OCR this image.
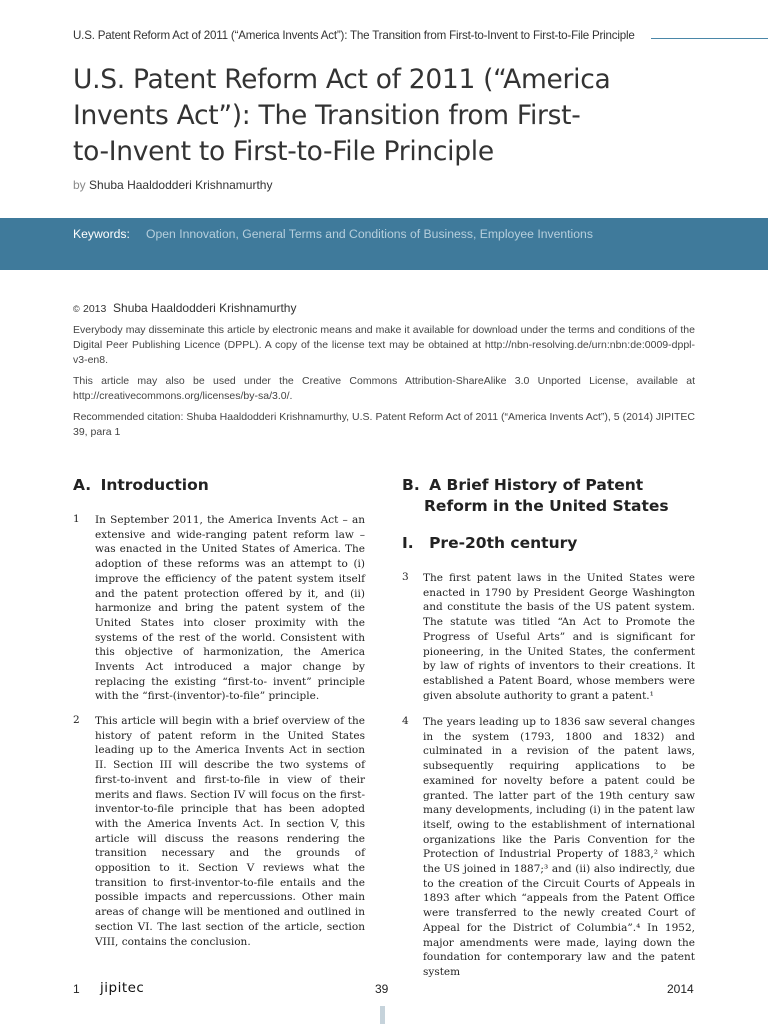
U.S. Patent Reform Act of 2011 (“America Invents Act”): The Transition from First-to-Invent to First-to-File Principle
U.S. Patent Reform Act of 2011 (“America
Invents Act”): The Transition from First-
to-Invent to First-to-File Principle
by Shuba Haaldodderi Krishnamurthy
Keywords: Open Innovation, General Terms and Conditions of Business, Employee Inventions
© 2013 Shuba Haaldodderi Krishnamurthy

Everybody may disseminate this article by electronic means and make it available for download under the terms and conditions of the Digital Peer Publishing Licence (DPPL). A copy of the license text may be obtained at http://nbn-resolving.de/urn:nbn:de:0009-dppl-v3-en8.

This article may also be used under the Creative Commons Attribution-ShareAlike 3.0 Unported License, available at http://creativecommons.org/licenses/by-sa/3.0/.

Recommended citation: Shuba Haaldodderi Krishnamurthy, U.S. Patent Reform Act of 2011 (“America Invents Act”), 5 (2014) JIPITEC 39, para 1

A. Introduction
1 In September 2011, the America Invents Act – an extensive and wide-ranging patent reform law – was enacted in the United States of America. The adoption of these reforms was an attempt to (i) improve the efficiency of the patent system itself and the patent protection offered by it, and (ii) harmonize and bring the patent system of the United States into closer proximity with the systems of the rest of the world. Consistent with this objective of harmonization, the America Invents Act introduced a major change by replacing the existing “first-to- invent” principle with the “first-(inventor)-to-file” principle.

2 This article will begin with a brief overview of the history of patent reform in the United States leading up to the America Invents Act in section II. Section III will describe the two systems of first-to-invent and first-to-file in view of their merits and flaws. Section IV will focus on the first-inventor-to-file principle that has been adopted with the America Invents Act. In section V, this article will discuss the reasons rendering the transition necessary and the grounds of opposition to it. Section V reviews what the transition to first-inventor-to-file entails and the possible impacts and repercussions. Other main areas of change will be mentioned and outlined in section VI. The last section of the article, section VIII, contains the conclusion.

B. A Brief History of Patent
Reform in the United States
I. Pre-20th century
3 The first patent laws in the United States were enacted in 1790 by President George Washington and constitute the basis of the US patent system. The statute was titled “An Act to Promote the Progress of Useful Arts” and is significant for pioneering, in the United States, the conferment by law of rights of inventors to their creations. It established a Patent Board, whose members were given absolute authority to grant a patent.¹

4 The years leading up to 1836 saw several changes in the system (1793, 1800 and 1832) and culminated in a revision of the patent laws, subsequently requiring applications to be examined for novelty before a patent could be granted. The latter part of the 19th century saw many developments, including (i) in the patent law itself, owing to the establishment of international organizations like the Paris Convention for the Protection of Industrial Property of 1883,² which the US joined in 1887;³ and (ii) also indirectly, due to the creation of the Circuit Courts of Appeals in 1893 after which “appeals from the Patent Office were transferred to the newly created Court of Appeal for the District of Columbia”.⁴ In 1952, major amendments were made, laying down the foundation for contemporary law and the patent system

1 jipitec	39	2014
